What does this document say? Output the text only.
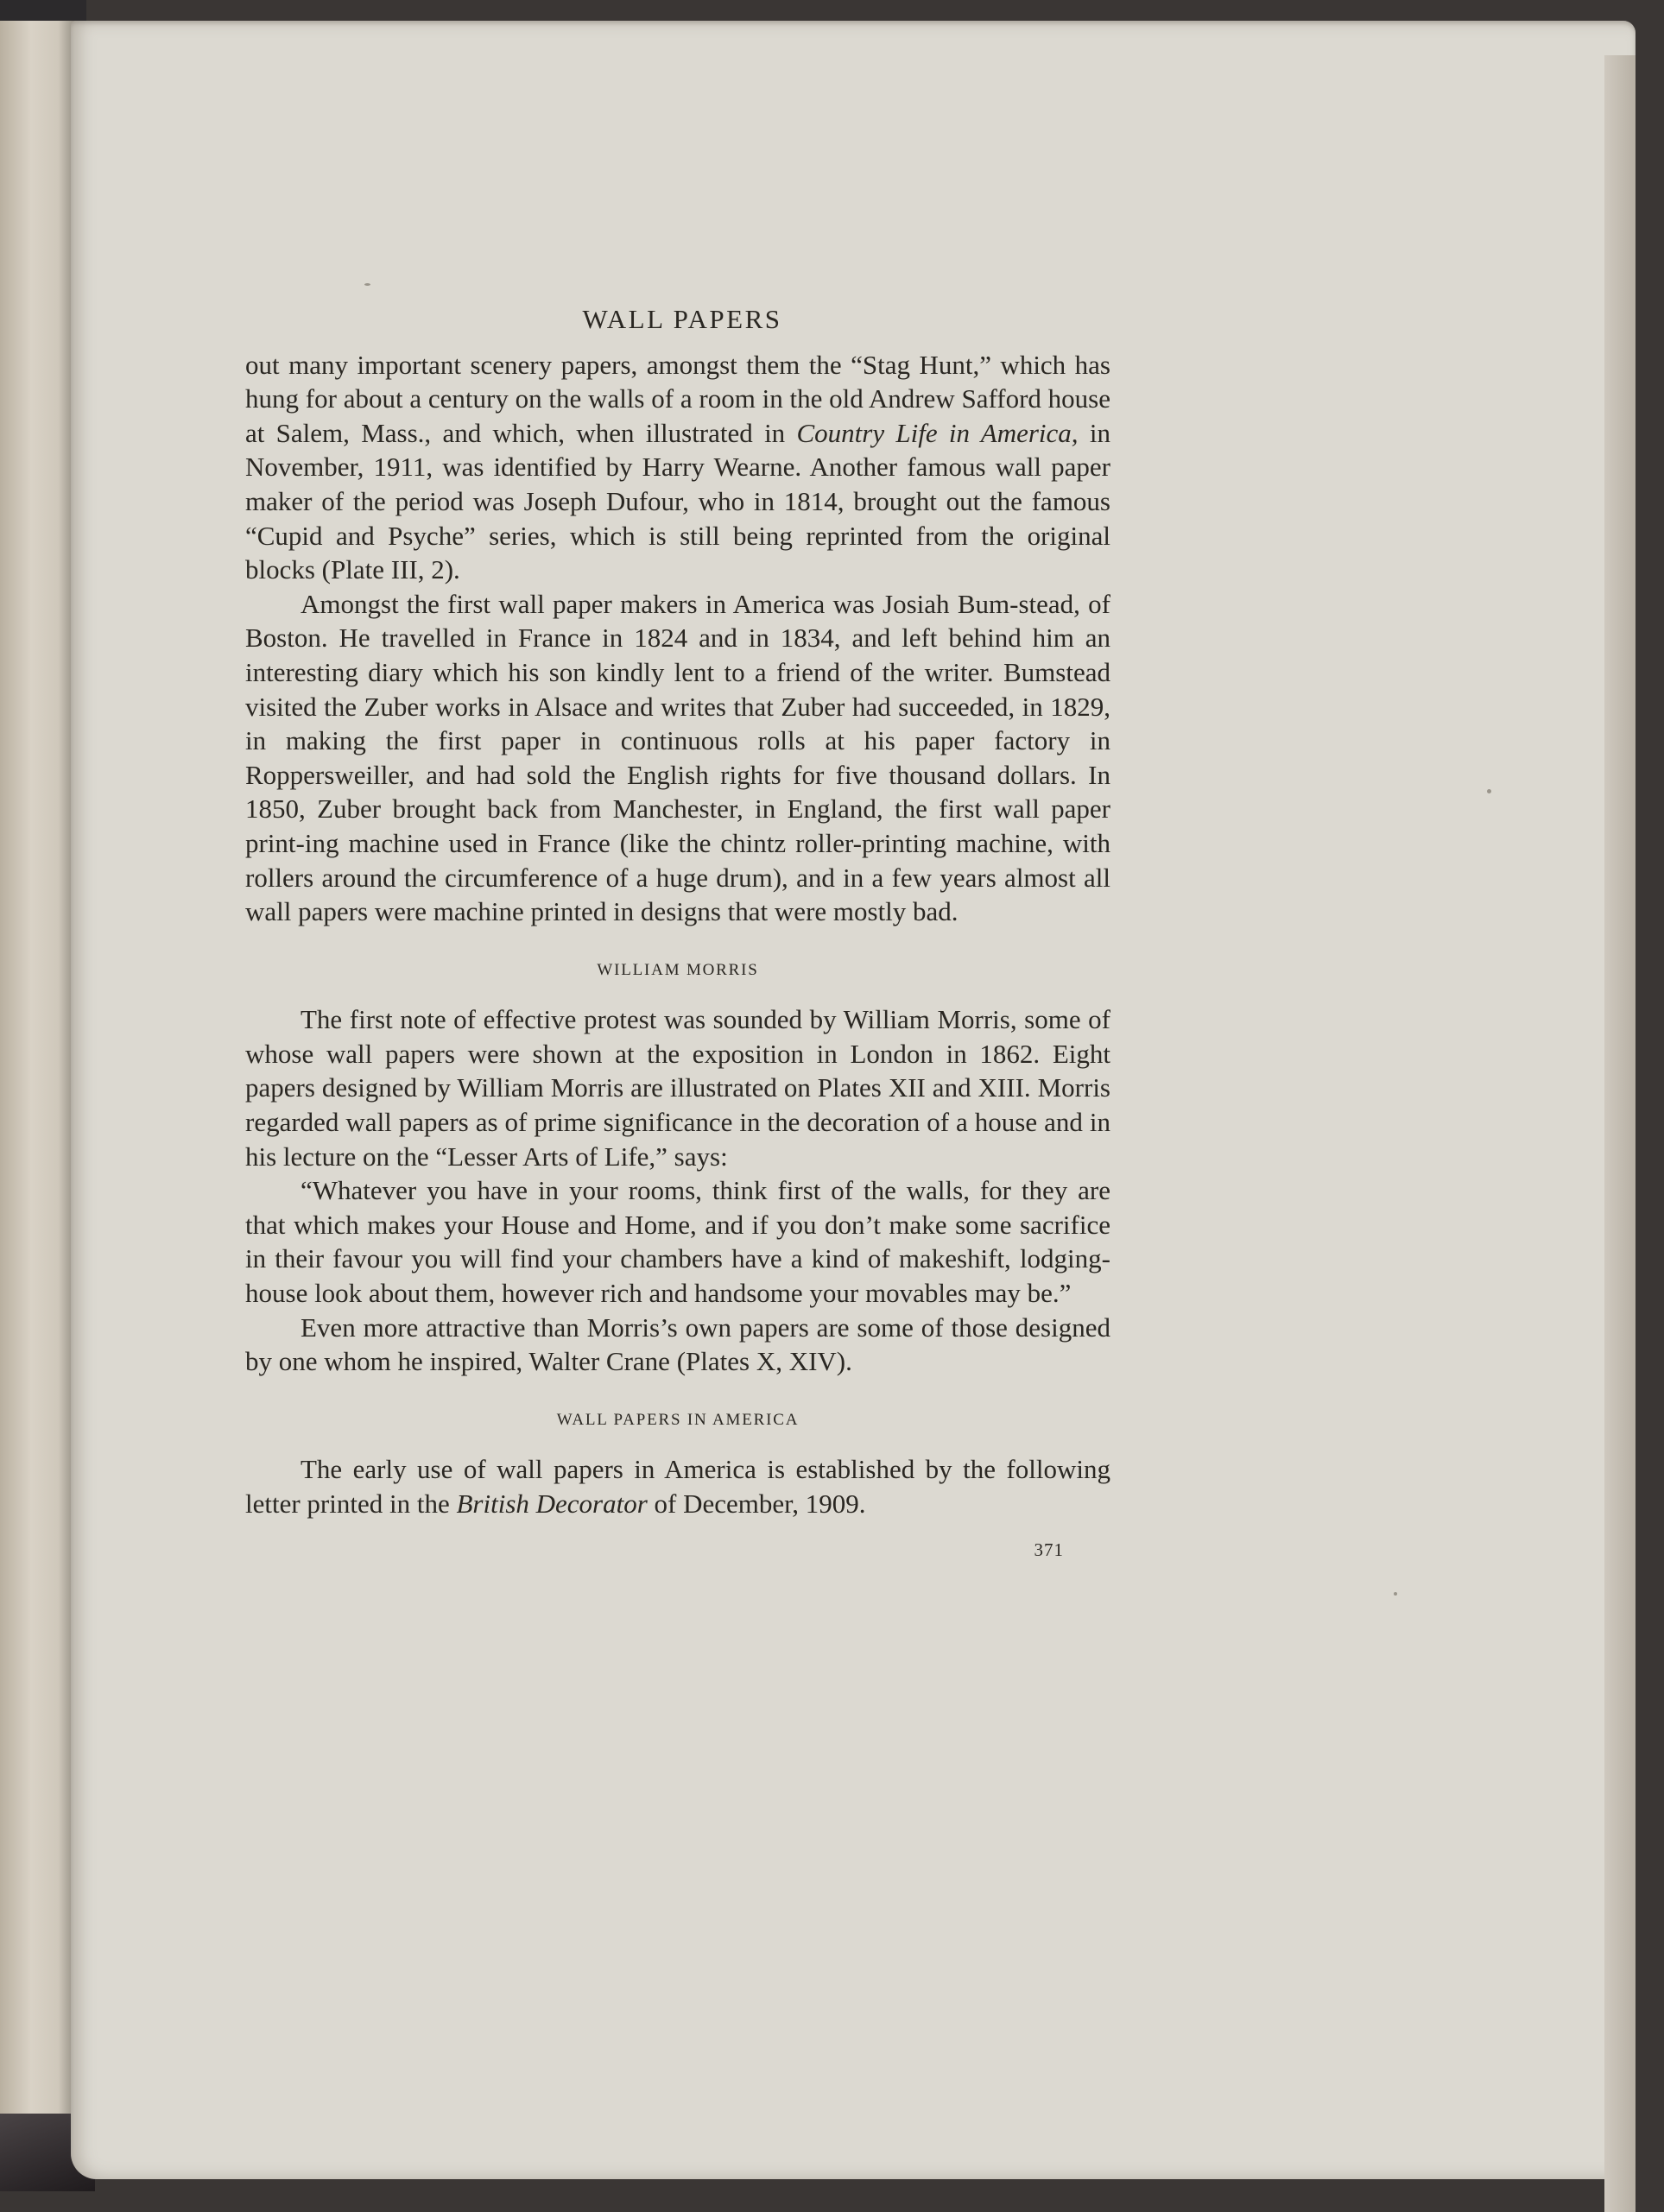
WALL PAPERS

out many important scenery papers, amongst them the “Stag Hunt,” which has hung for about a century on the walls of a room in the old Andrew Safford house at Salem, Mass., and which, when illustrated in Country Life in America, in November, 1911, was identified by Harry Wearne. Another famous wall paper maker of the period was Joseph Dufour, who in 1814, brought out the famous “Cupid and Psyche” series, which is still being reprinted from the original blocks (Plate III, 2).

Amongst the first wall paper makers in America was Josiah Bum-stead, of Boston. He travelled in France in 1824 and in 1834, and left behind him an interesting diary which his son kindly lent to a friend of the writer. Bumstead visited the Zuber works in Alsace and writes that Zuber had succeeded, in 1829, in making the first paper in continuous rolls at his paper factory in Roppersweiller, and had sold the English rights for five thousand dollars. In 1850, Zuber brought back from Manchester, in England, the first wall paper print-ing machine used in France (like the chintz roller-printing machine, with rollers around the circumference of a huge drum), and in a few years almost all wall papers were machine printed in designs that were mostly bad.

WILLIAM MORRIS

The first note of effective protest was sounded by William Morris, some of whose wall papers were shown at the exposition in London in 1862. Eight papers designed by William Morris are illustrated on Plates XII and XIII. Morris regarded wall papers as of prime significance in the decoration of a house and in his lecture on the “Lesser Arts of Life,” says:

“Whatever you have in your rooms, think first of the walls, for they are that which makes your House and Home, and if you don’t make some sacrifice in their favour you will find your chambers have a kind of makeshift, lodging-house look about them, however rich and handsome your movables may be.”

Even more attractive than Morris’s own papers are some of those designed by one whom he inspired, Walter Crane (Plates X, XIV).

WALL PAPERS IN AMERICA

The early use of wall papers in America is established by the following letter printed in the British Decorator of December, 1909.

371
